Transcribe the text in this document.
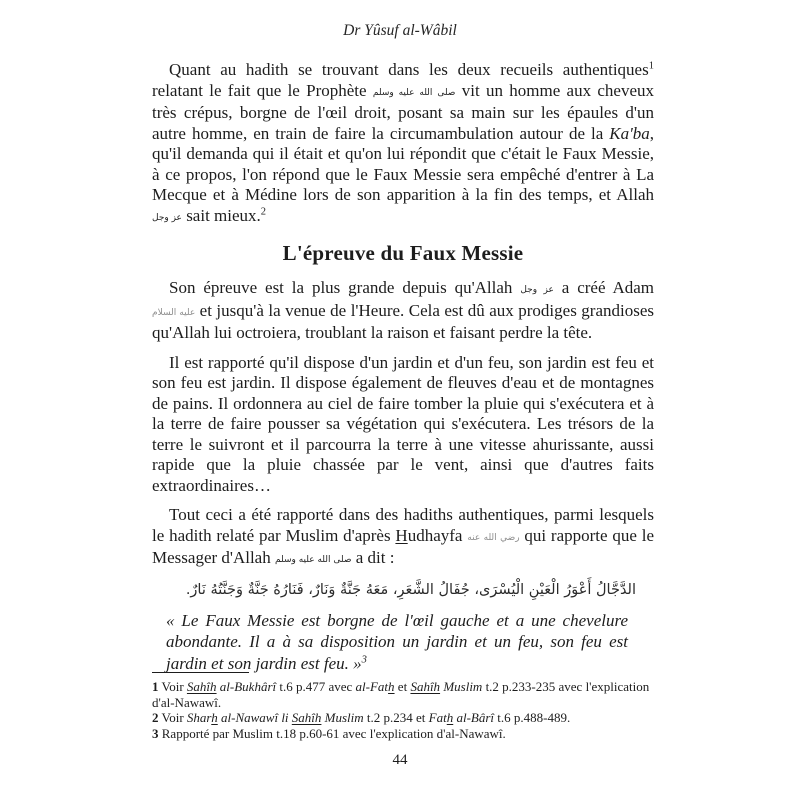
Dr Yûsuf al-Wâbil

Quant au hadith se trouvant dans les deux recueils authentiques$^1$ relatant le fait que le Prophète صلى الله عليه وسلم vit un homme aux cheveux très crépus, borgne de l'œil droit, posant sa main sur les épaules d'un autre homme, en train de faire la circumambulation autour de la Ka'ba, qu'il demanda qui il était et qu'on lui répondit que c'était le Faux Messie, à ce propos, l'on répond que le Faux Messie sera empêché d'entrer à La Mecque et à Médine lors de son apparition à la fin des temps, et Allah عز وجل sait mieux.$^2$

L'épreuve du Faux Messie

Son épreuve est la plus grande depuis qu'Allah عز وجل a créé Adam عليه السلام et jusqu'à la venue de l'Heure. Cela est dû aux prodiges grandioses qu'Allah lui octroiera, troublant la raison et faisant perdre la tête.

Il est rapporté qu'il dispose d'un jardin et d'un feu, son jardin est feu et son feu est jardin. Il dispose également de fleuves d'eau et de montagnes de pains. Il ordonnera au ciel de faire tomber la pluie qui s'exécutera et à la terre de faire pousser sa végétation qui s'exécutera. Les trésors de la terre le suivront et il parcourra la terre à une vitesse ahurissante, aussi rapide que la pluie chassée par le vent, ainsi que d'autres faits extraordinaires…

Tout ceci a été rapporté dans des hadiths authentiques, parmi lesquels le hadith relaté par Muslim d'après Hudhayfa رضي الله عنه qui rapporte que le Messager d'Allah صلى الله عليه وسلم a dit :

الدَّجَّالُ أَعْوَرُ الْعَيْنِ الْيُسْرَى، جُفَالُ الشَّعَرِ، مَعَهُ جَنَّةٌ وَنَارٌ، فَنَارُهُ جَنَّةٌ وَجَنَّتُهُ نَارٌ.

« Le Faux Messie est borgne de l'œil gauche et a une chevelure abondante. Il a à sa disposition un jardin et un feu, son feu est jardin et son jardin est feu. »$^3$

1 Voir Sahîh al-Bukhârî t.6 p.477 avec al-Fath et Sahîh Muslim t.2 p.233-235 avec l'explication d'al-Nawawî.

2 Voir Sharh al-Nawawî li Sahîh Muslim t.2 p.234 et Fath al-Bârî t.6 p.488-489.

3 Rapporté par Muslim t.18 p.60-61 avec l'explication d'al-Nawawî.

44
